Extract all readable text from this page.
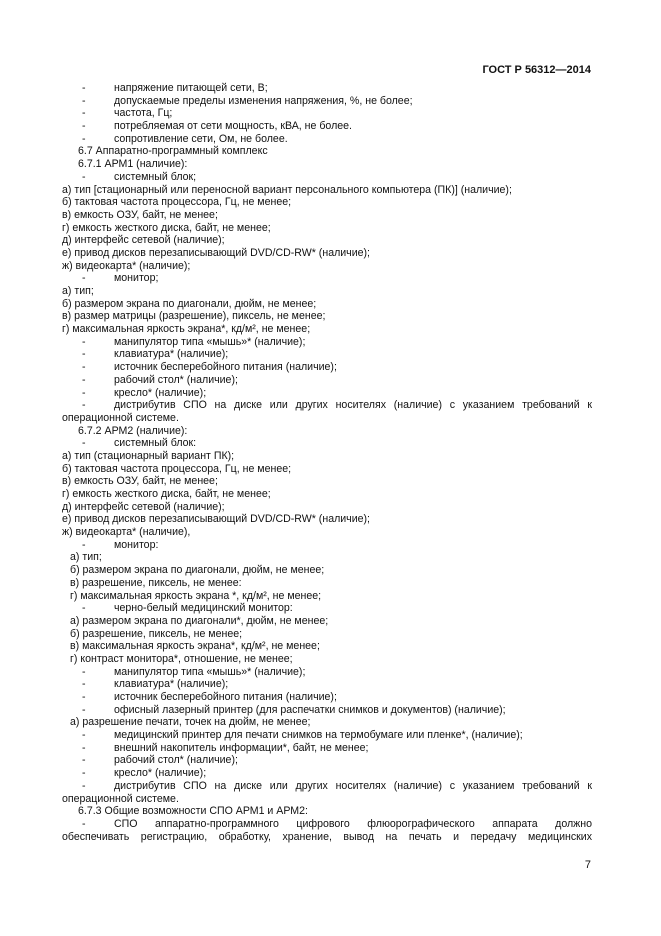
ГОСТ Р 56312—2014
-	напряжение питающей сети, В;
-	допускаемые пределы изменения напряжения, %, не более;
-	частота, Гц;
-	потребляемая от сети мощность, кВА, не более.
-	сопротивление сети, Ом, не более.
6.7 Аппаратно-программный комплекс
6.7.1 АРМ1 (наличие):
-	системный блок;
а) тип [стационарный или переносной вариант персонального компьютера (ПК)] (наличие);
б) тактовая частота процессора, Гц, не менее;
в) емкость ОЗУ, байт, не менее;
г) емкость жесткого диска, байт, не менее;
д) интерфейс сетевой (наличие);
е) привод дисков перезаписывающий DVD/CD-RW* (наличие);
ж) видеокарта* (наличие);
-	монитор;
а) тип;
б) размером экрана по диагонали, дюйм, не менее;
в) размер матрицы (разрешение), пиксель, не менее;
г) максимальная яркость экрана*, кд/м², не менее;
-	манипулятор типа «мышь»* (наличие);
-	клавиатура* (наличие);
-	источник бесперебойного питания (наличие);
-	рабочий стол* (наличие);
-	кресло* (наличие);
-	дистрибутив СПО на диске или других носителях (наличие) с указанием требований к
операционной системе.
6.7.2 АРМ2 (наличие):
-	системный блок:
а) тип (стационарный вариант ПК);
б) тактовая частота процессора, Гц, не менее;
в) емкость ОЗУ, байт, не менее;
г) емкость жесткого диска, байт, не менее;
д) интерфейс сетевой (наличие);
е) привод дисков перезаписывающий DVD/CD-RW* (наличие);
ж) видеокарта* (наличие),
-	монитор:
а) тип;
б) размером экрана по диагонали, дюйм, не менее;
в) разрешение, пиксель, не менее:
г) максимальная яркость экрана *, кд/м², не менее;
-	черно-белый медицинский монитор:
а) размером экрана по диагонали*, дюйм, не менее;
б) разрешение, пиксель, не менее;
в) максимальная яркость экрана*, кд/м², не менее;
г) контраст монитора*, отношение, не менее;
-	манипулятор типа «мышь»* (наличие);
-	клавиатура* (наличие);
-	источник бесперебойного питания (наличие);
-	офисный лазерный принтер (для распечатки снимков и документов) (наличие);
а) разрешение печати, точек на дюйм, не менее;
-	медицинский принтер для печати снимков на термобумаге или пленке*, (наличие);
-	внешний накопитель информации*, байт, не менее;
-	рабочий стол* (наличие);
-	кресло* (наличие);
-	дистрибутив СПО на диске или других носителях (наличие) с указанием требований к
операционной системе.
6.7.3 Общие возможности СПО АРМ1 и АРМ2:
-	СПО аппаратно-программного цифрового флюорографического аппарата должно
обеспечивать регистрацию, обработку, хранение, вывод на печать и передачу медицинских
7
